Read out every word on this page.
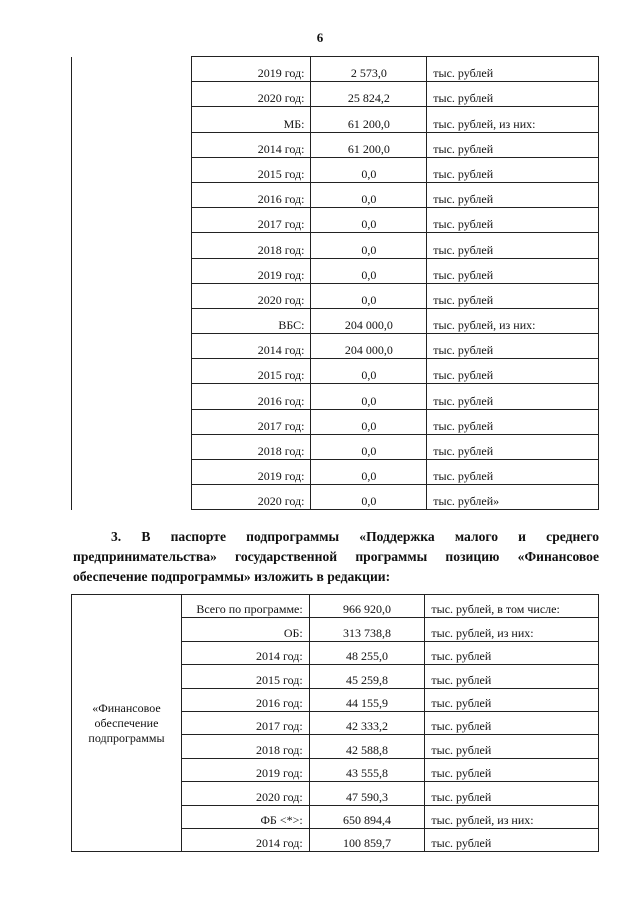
6
	2019 год:	2 573,0	тыс. рублей
	2020 год:	25 824,2	тыс. рублей
	МБ:	61 200,0	тыс. рублей, из них:
	2014 год:	61 200,0	тыс. рублей
	2015 год:	0,0	тыс. рублей
	2016 год:	0,0	тыс. рублей
	2017 год:	0,0	тыс. рублей
	2018 год:	0,0	тыс. рублей
	2019 год:	0,0	тыс. рублей
	2020 год:	0,0	тыс. рублей
	ВБС:	204 000,0	тыс. рублей, из них:
	2014 год:	204 000,0	тыс. рублей
	2015 год:	0,0	тыс. рублей
	2016 год:	0,0	тыс. рублей
	2017 год:	0,0	тыс. рублей
	2018 год:	0,0	тыс. рублей
	2019 год:	0,0	тыс. рублей
	2020 год:	0,0	тыс. рублей»
3. В паспорте подпрограммы «Поддержка малого и среднего предпринимательства» государственной программы позицию «Финансовое обеспечение подпрограммы» изложить в редакции:
«Финансовое обеспечение подпрограммы	Всего по программе:	966 920,0	тыс. рублей, в том числе:
	ОБ:	313 738,8	тыс. рублей, из них:
	2014 год:	48 255,0	тыс. рублей
	2015 год:	45 259,8	тыс. рублей
	2016 год:	44 155,9	тыс. рублей
	2017 год:	42 333,2	тыс. рублей
	2018 год:	42 588,8	тыс. рублей
	2019 год:	43 555,8	тыс. рублей
	2020 год:	47 590,3	тыс. рублей
	ФБ <*>:	650 894,4	тыс. рублей, из них:
	2014 год:	100 859,7	тыс. рублей
